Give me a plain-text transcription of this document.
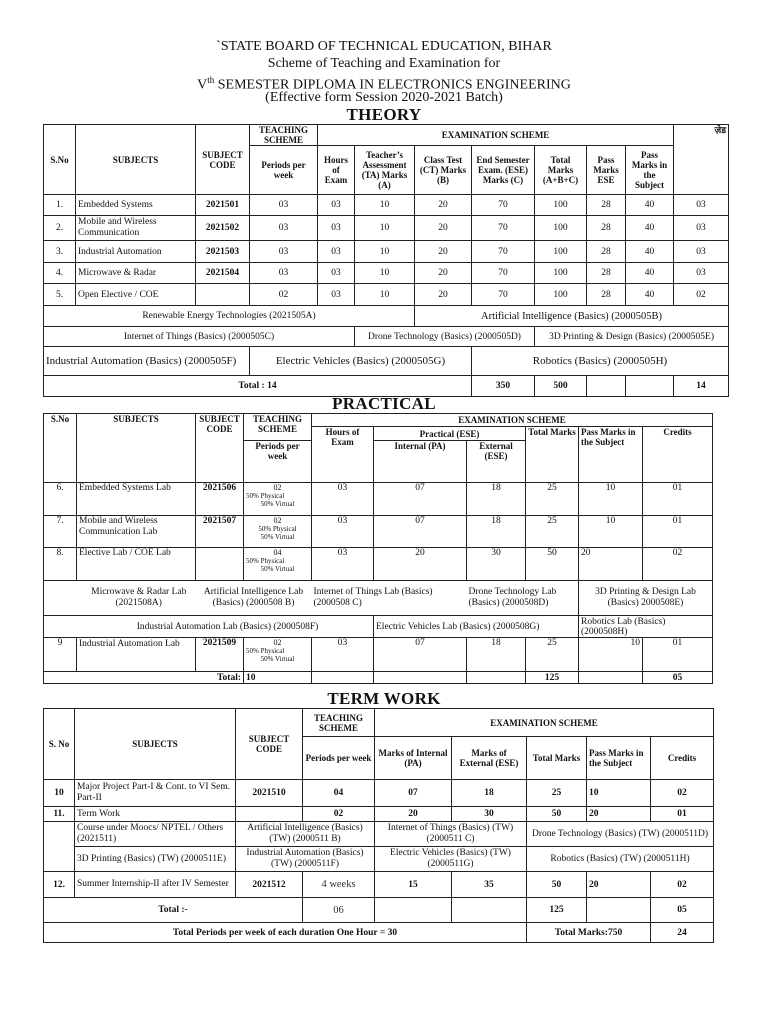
`STATE BOARD OF TECHNICAL EDUCATION, BIHAR
Scheme of Teaching and Examination for
Vth SEMESTER DIPLOMA IN ELECTRONICS ENGINEERING
(Effective form Session 2020-2021 Batch)
THEORY
S.No	SUBJECTS	SUBJECT CODE	TEACHING SCHEME	EXAMINATION SCHEME							ज़ेड
			Periods per week	Hours of Exam	Teacher’s Assessment (TA) Marks (A)	Class Test (CT) Marks (B)	End Semester Exam. (ESE) Marks (C)	Total Marks (A+B+C)	Pass Marks ESE	Pass Marks in the Subject	
1.	Embedded Systems	2021501	03	03	10	20	70	100	28	40	03
2.	Mobile and Wireless Communication	2021502	03	03	10	20	70	100	28	40	03
3.	Industrial Automation	2021503	03	03	10	20	70	100	28	40	03
4.	Microwave & Radar	2021504	03	03	10	20	70	100	28	40	03
5.	Open Elective / COE		02	03	10	20	70	100	28	40	02
Renewable Energy Technologies (2021505A)						Artificial Intelligence (Basics) (2000505B)					
Internet of Things (Basics) (2000505C)					Drone Technology (Basics) (2000505D)			3D Printing & Design (Basics) (2000505E)			
Industrial Automation (Basics) (2000505F)			Electric Vehicles (Basics) (2000505G)				Robotics (Basics) (2000505H)				
Total : 14							350	500			14
PRACTICAL
S.No	SUBJECTS	SUBJECT CODE	TEACHING SCHEME	EXAMINATION SCHEME					
				Hours of Exam	Practical (ESE)		Total Marks	Pass Marks in the Subject	Credits
			Periods per week		Internal (PA)	External (ESE)			
6.	Embedded Systems Lab	2021506	02
50% Physical
50% Virtual	03	07	18	25	10	01
7.	Mobile and Wireless Communication Lab	2021507	02
50% Physical
50% Virtual	03	07	18	25	10	01
8.	Elective Lab / COE Lab		04
50% Physical
50% Virtual	03	20	30	50	20	02
Microwave & Radar Lab (2021508A)		Artificial Intelligence Lab (Basics) (2000508 B)		Internet of Things Lab (Basics) (2000508 C)		Drone Technology Lab (Basics) (2000508D)		3D Printing & Design Lab (Basics) 2000508E)	
Industrial Automation Lab (Basics) (2000508F)					Electric Vehicles Lab (Basics) (2000508G)			Robotics Lab (Basics) (2000508H)	
9	Industrial Automation Lab	2021509	02
50% Physical
50% Virtual	03	07	18	25	10	01
Total:			10				125		05
TERM WORK
S. No	SUBJECTS	SUBJECT CODE	TEACHING SCHEME	EXAMINATION SCHEME				
			Periods per week	Marks of Internal (PA)	Marks of External (ESE)	Total Marks	Pass Marks in the Subject	Credits
10	Major Project Part-I & Cont. to VI Sem. Part-II	2021510	04	07	18	25	10	02
11.	Term Work		02	20	30	50	20	01
	Course under Moocs/ NPTEL / Others (2021511)	Artificial Intelligence (Basics) (TW) (2000511 B)		Internet of Things (Basics) (TW) (2000511 C)		Drone Technology (Basics) (TW) (2000511D)		
	3D Printing (Basics) (TW) (2000511E)	Industrial Automation (Basics) (TW) (2000511F)		Electric Vehicles (Basics) (TW) (2000511G)		Robotics (Basics) (TW) (2000511H)		
12.	Summer Internship-II after IV Semester	2021512	4 weeks	15	35	50	20	02
Total :-			06			125		05
Total Periods per week of each duration One Hour = 30						Total Marks:750		24
